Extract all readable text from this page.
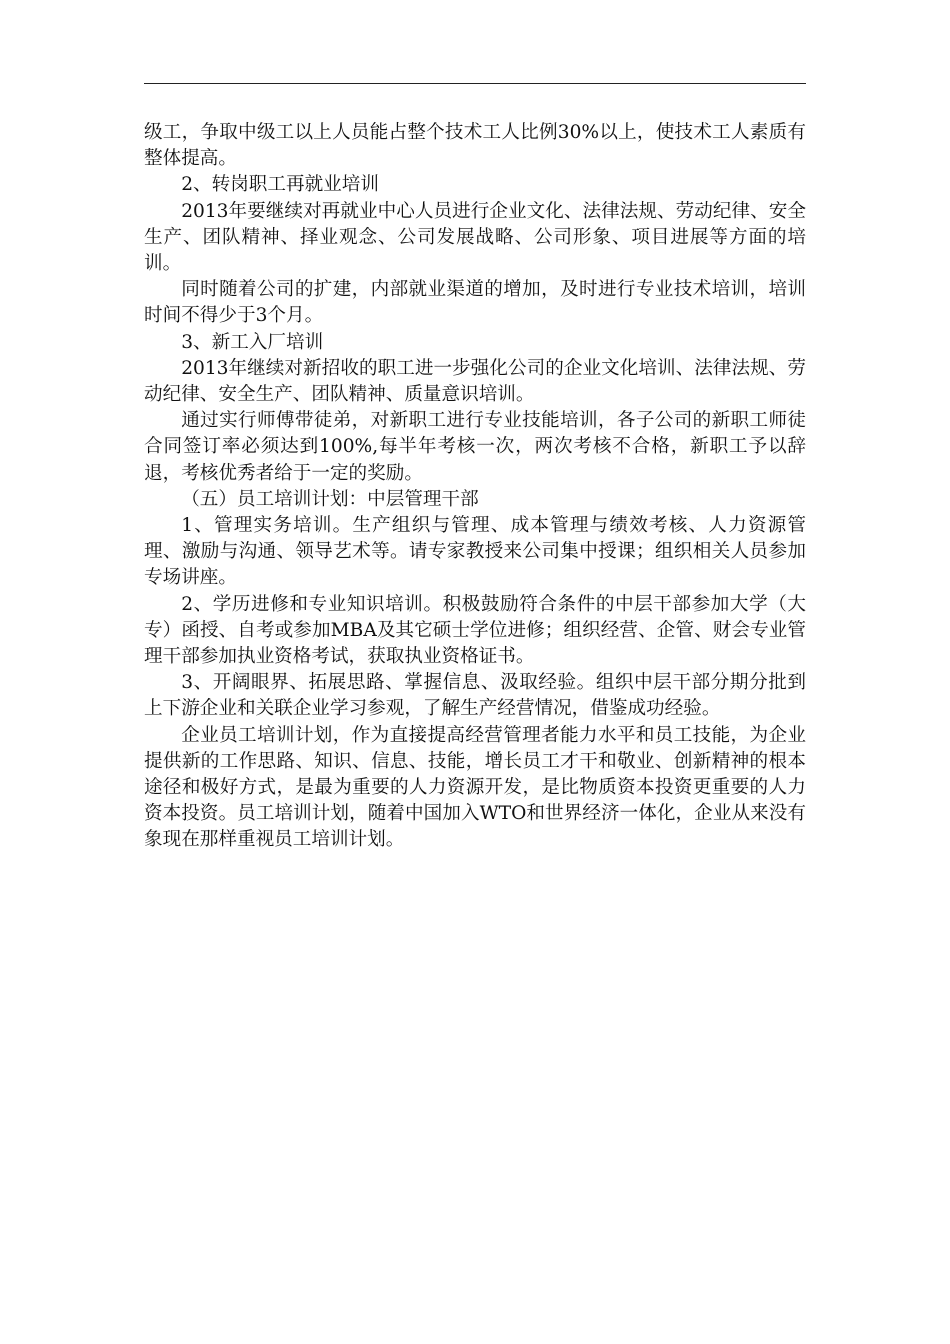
级工，争取中级工以上人员能占整个技术工人比例30%以上，使技术工人素质有整体提高。

2、转岗职工再就业培训

2013年要继续对再就业中心人员进行企业文化、法律法规、劳动纪律、安全生产、团队精神、择业观念、公司发展战略、公司形象、项目进展等方面的培训。

同时随着公司的扩建，内部就业渠道的增加，及时进行专业技术培训，培训时间不得少于3个月。

3、新工入厂培训

2013年继续对新招收的职工进一步强化公司的企业文化培训、法律法规、劳动纪律、安全生产、团队精神、质量意识培训。

通过实行师傅带徒弟，对新职工进行专业技能培训，各子公司的新职工师徒合同签订率必须达到100%,每半年考核一次，两次考核不合格，新职工予以辞退，考核优秀者给于一定的奖励。

（五）员工培训计划：中层管理干部

1、管理实务培训。生产组织与管理、成本管理与绩效考核、人力资源管理、激励与沟通、领导艺术等。请专家教授来公司集中授课；组织相关人员参加专场讲座。

2、学历进修和专业知识培训。积极鼓励符合条件的中层干部参加大学（大专）函授、自考或参加MBA及其它硕士学位进修；组织经营、企管、财会专业管理干部参加执业资格考试，获取执业资格证书。

3、开阔眼界、拓展思路、掌握信息、汲取经验。组织中层干部分期分批到上下游企业和关联企业学习参观，了解生产经营情况，借鉴成功经验。

企业员工培训计划，作为直接提高经营管理者能力水平和员工技能，为企业提供新的工作思路、知识、信息、技能，增长员工才干和敬业、创新精神的根本途径和极好方式，是最为重要的人力资源开发，是比物质资本投资更重要的人力资本投资。员工培训计划，随着中国加入WTO和世界经济一体化，企业从来没有象现在那样重视员工培训计划。
